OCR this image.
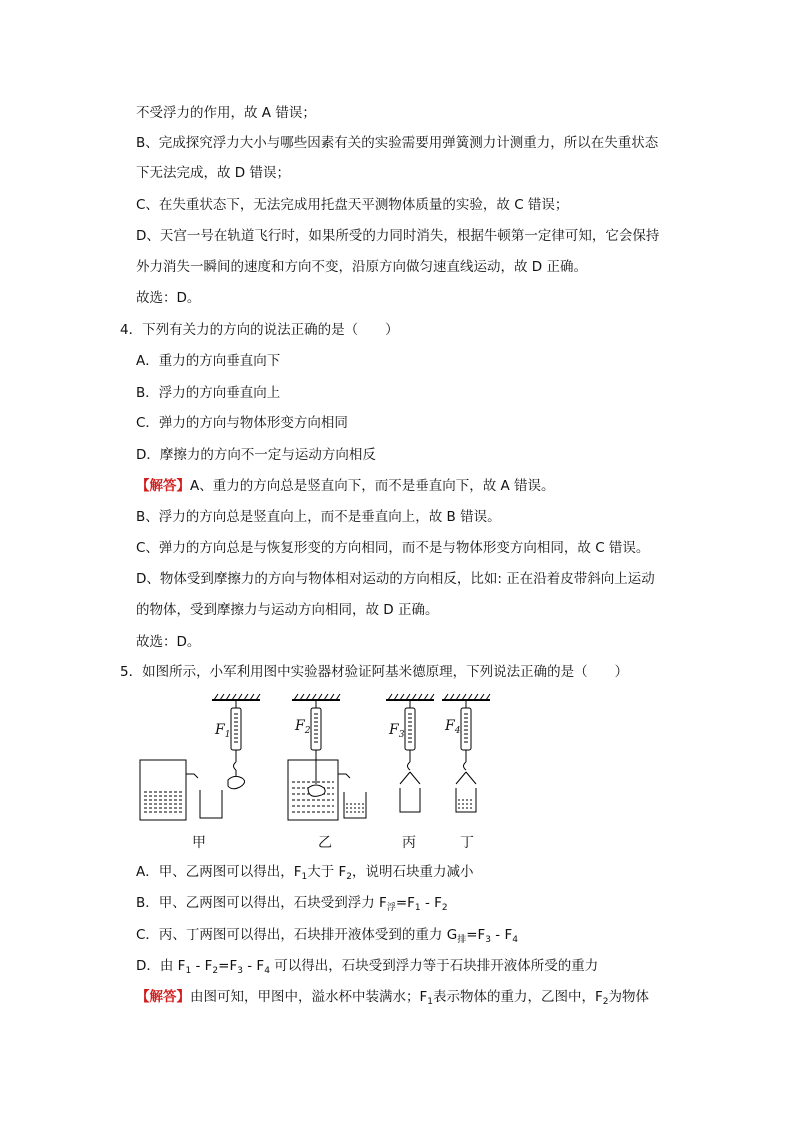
不受浮力的作用，故 A 错误；
B、完成探究浮力大小与哪些因素有关的实验需要用弹簧测力计测重力，所以在失重状态
下无法完成，故 D 错误；
C、在失重状态下，无法完成用托盘天平测物体质量的实验，故 C 错误；
D、天宫一号在轨道飞行时，如果所受的力同时消失，根据牛顿第一定律可知，它会保持
外力消失一瞬间的速度和方向不变，沿原方向做匀速直线运动，故 D 正确。
故选：D。
4．下列有关力的方向的说法正确的是（　　）
A．重力的方向垂直向下
B．浮力的方向垂直向上
C．弹力的方向与物体形变方向相同
D．摩擦力的方向不一定与运动方向相反
【解答】A、重力的方向总是竖直向下，而不是垂直向下，故 A 错误。
B、浮力的方向总是竖直向上，而不是垂直向上，故 B 错误。
C、弹力的方向总是与恢复形变的方向相同，而不是与物体形变方向相同，故 C 错误。
D、物体受到摩擦力的方向与物体相对运动的方向相反，比如: 正在沿着皮带斜向上运动
的物体，受到摩擦力与运动方向相同，故 D 正确。
故选：D。
5．如图所示，小军利用图中实验器材验证阿基米德原理，下列说法正确的是（　　）
$F_1$
$F_2$	$F_3$
$F_4$
甲	乙	丙	丁
A．甲、乙两图可以得出，$F_1$大于 $F_2$，说明石块重力减小
B．甲、乙两图可以得出，石块受到浮力 $F_浮=F_1 - F_2$
C．丙、丁两图可以得出，石块排开液体受到的重力 $G_排=F_3 - F_4$
D．由 $F_1 - F_2=F_3 - F_4$ 可以得出，石块受到浮力等于石块排开液体所受的重力
【解答】由图可知，甲图中，溢水杯中装满水；$F_1$表示物体的重力，乙图中，$F_2$为物体
